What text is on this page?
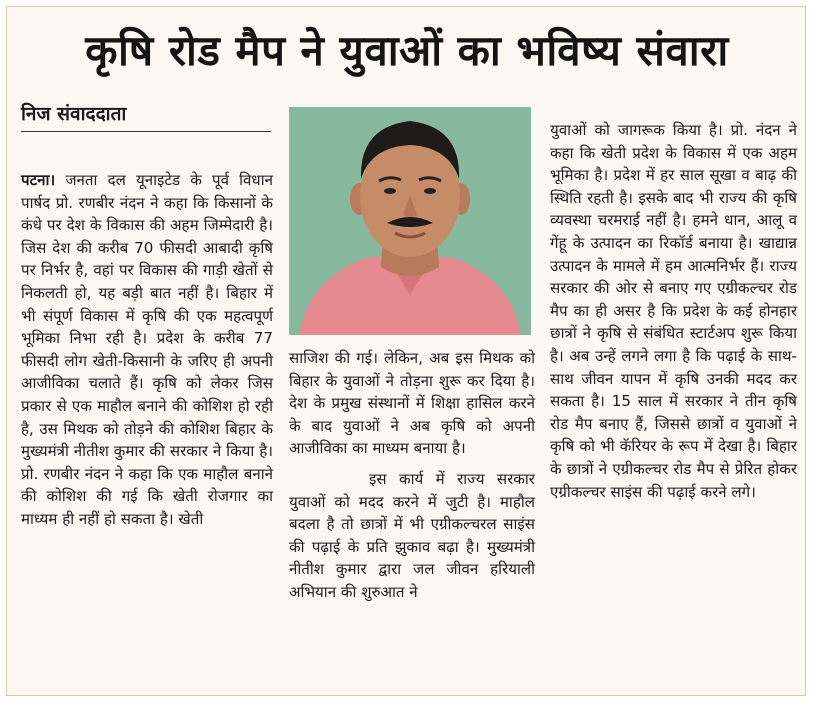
कृषि रोड मैप ने युवाओं का भविष्य संवारा
निज संवाददाता

पटना। जनता दल यूनाइटेड के पूर्व विधान पार्षद प्रो. रणबीर नंदन ने कहा कि किसानों के कंधे पर देश के विकास की अहम जिम्मेदारी है। जिस देश की करीब 70 फीसदी आबादी कृषि पर निर्भर है, वहां पर विकास की गाड़ी खेतों से निकलती हो, यह बड़ी बात नहीं है। बिहार में भी संपूर्ण विकास में कृषि की एक महत्वपूर्ण भूमिका निभा रही है। प्रदेश के करीब 77 फीसदी लोग खेती-किसानी के जरिए ही अपनी आजीविका चलाते हैं। कृषि को लेकर जिस प्रकार से एक माहौल बनाने की कोशिश हो रही है, उस मिथक को तोड़ने की कोशिश बिहार के मुख्यमंत्री नीतीश कुमार की सरकार ने किया है। प्रो. रणबीर नंदन ने कहा कि एक माहौल बनाने की कोशिश की गई कि खेती रोजगार का माध्यम ही नहीं हो सकता है। खेती

साजिश की गई। लेकिन, अब इस मिथक को बिहार के युवाओं ने तोड़ना शुरू कर दिया है। देश के प्रमुख संस्थानों में शिक्षा हासिल करने के बाद युवाओं ने अब कृषि को अपनी आजीविका का माध्यम बनाया है।

इस कार्य में राज्य सरकार युवाओं को मदद करने में जुटी है। माहौल बदला है तो छात्रों में भी एग्रीकल्चरल साइंस की पढ़ाई के प्रति झुकाव बढ़ा है। मुख्यमंत्री नीतीश कुमार द्वारा जल जीवन हरियाली अभियान की शुरुआत ने

युवाओं को जागरूक किया है। प्रो. नंदन ने कहा कि खेती प्रदेश के विकास में एक अहम भूमिका है। प्रदेश में हर साल सूखा व बाढ़ की स्थिति रहती है। इसके बाद भी राज्य की कृषि व्यवस्था चरमराई नहीं है। हमने धान, आलू व गेंहू के उत्पादन का रिकॉर्ड बनाया है। खाद्यान्न उत्पादन के मामले में हम आत्मनिर्भर हैं। राज्य सरकार की ओर से बनाए गए एग्रीकल्चर रोड मैप का ही असर है कि प्रदेश के कई होनहार छात्रों ने कृषि से संबंधित स्टार्टअप शुरू किया है। अब उन्हें लगने लगा है कि पढ़ाई के साथ-साथ जीवन यापन में कृषि उनकी मदद कर सकता है। 15 साल में सरकार ने तीन कृषि रोड मैप बनाए हैं, जिससे छात्रों व युवाओं ने कृषि को भी कॅरियर के रूप में देखा है। बिहार के छात्रों ने एग्रीकल्चर रोड मैप से प्रेरित होकर एग्रीकल्चर साइंस की पढ़ाई करने लगे।
